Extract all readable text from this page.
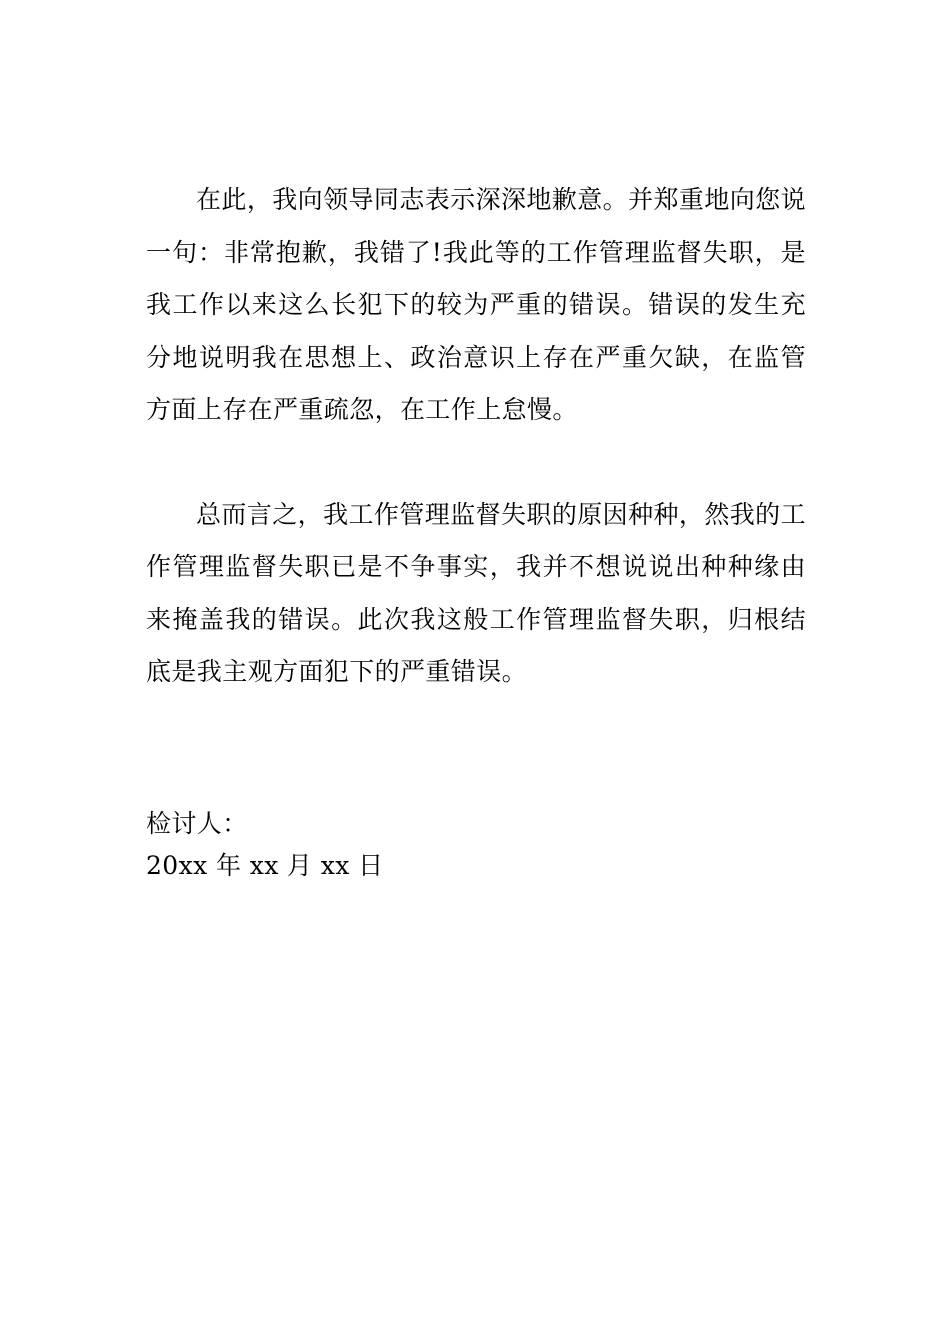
在此，我向领导同志表示深深地歉意。并郑重地向您说一句：非常抱歉，我错了!我此等的工作管理监督失职，是我工作以来这么长犯下的较为严重的错误。错误的发生充分地说明我在思想上、政治意识上存在严重欠缺，在监管方面上存在严重疏忽，在工作上怠慢。

总而言之，我工作管理监督失职的原因种种，然我的工作管理监督失职已是不争事实，我并不想说说出种种缘由来掩盖我的错误。此次我这般工作管理监督失职，归根结底是我主观方面犯下的严重错误。

检讨人：

20xx 年 xx 月 xx 日
